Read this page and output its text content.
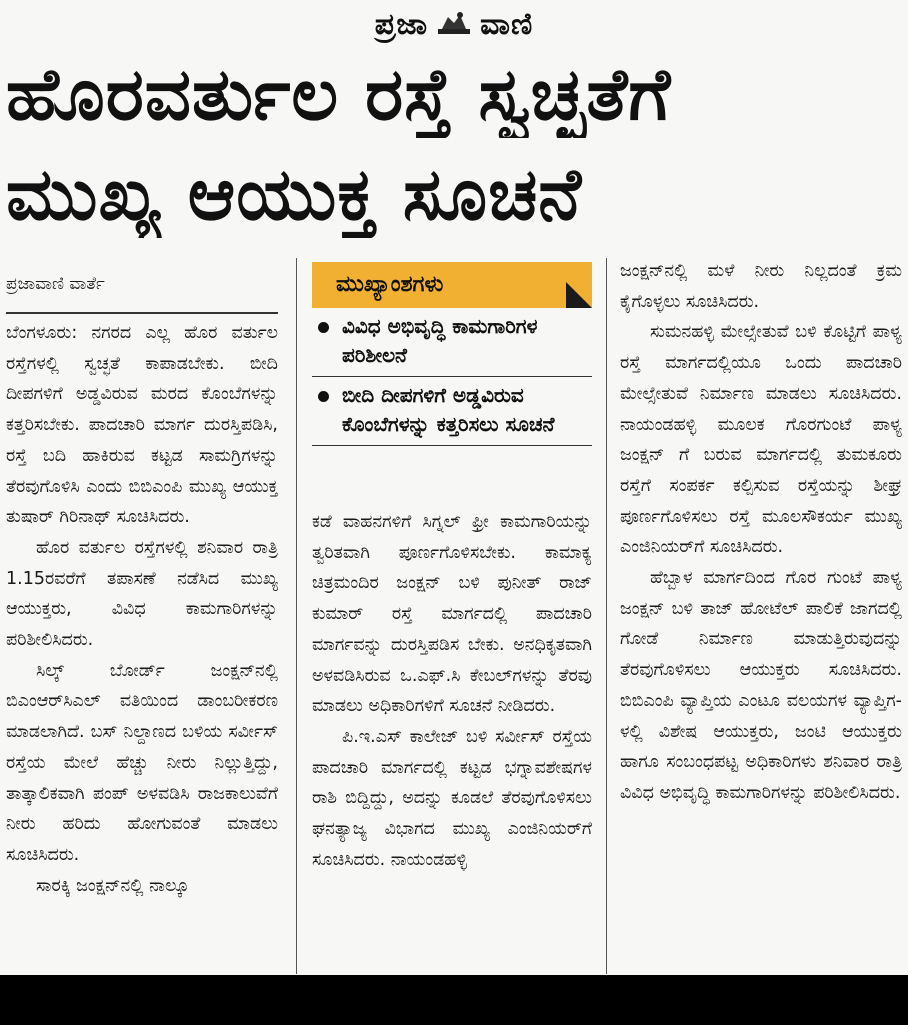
ಪ್ರಜಾ ವಾಣಿ
ಹೊರವರ್ತುಲ ರಸ್ತೆ ಸ್ವಚ್ಛತೆಗೆ
ಮುಖ್ಯ ಆಯುಕ್ತ ಸೂಚನೆ
ಪ್ರಜಾವಾಣಿ ವಾರ್ತೆ

ಬೆಂಗಳೂರು: ನಗರದ ಎಲ್ಲ ಹೊರ ವರ್ತುಲ ರಸ್ತೆಗಳಲ್ಲಿ ಸ್ವಚ್ಛತೆ ಕಾಪಾಡಬೇಕು. ಬೀದಿ ದೀಪಗಳಿಗೆ ಅಡ್ಡವಿರುವ ಮರದ ಕೊಂಬೆಗಳನ್ನು ಕತ್ತರಿಸಬೇಕು. ಪಾದಚಾರಿ ಮಾರ್ಗ ದುರಸ್ತಿಪಡಿಸಿ, ರಸ್ತೆ ಬದಿ ಹಾಕಿರುವ ಕಟ್ಟಡ ಸಾಮಗ್ರಿಗಳನ್ನು ತೆರವುಗೊಳಿಸಿ ಎಂದು ಬಿಬಿಎಂಪಿ ಮುಖ್ಯ ಆಯುಕ್ತ ತುಷಾರ್ ಗಿರಿನಾಥ್ ಸೂಚಿಸಿದರು.

ಹೊರ ವರ್ತುಲ ರಸ್ತೆಗಳಲ್ಲಿ ಶನಿವಾರ ರಾತ್ರಿ 1.15ರವರೆಗೆ ತಪಾಸಣೆ ನಡೆಸಿದ ಮುಖ್ಯ ಆಯುಕ್ತರು, ವಿವಿಧ ಕಾಮಗಾರಿಗಳನ್ನು ಪರಿಶೀಲಿಸಿದರು.

ಸಿಲ್ಕ್ ಬೋರ್ಡ್ ಜಂಕ್ಷನ್‌ನಲ್ಲಿ ಬಿಎಂಆರ್‌ಸಿಎಲ್ ವತಿಯಿಂದ ಡಾಂಬರೀಕರಣ ಮಾಡಲಾಗಿದೆ. ಬಸ್ ನಿಲ್ದಾಣದ ಬಳಿಯ ಸರ್ವೀಸ್ ರಸ್ತೆಯ ಮೇಲೆ ಹೆಚ್ಚು ನೀರು ನಿಲ್ಲುತ್ತಿದ್ದು, ತಾತ್ಕಾಲಿಕವಾಗಿ ಪಂಪ್ ಅಳವಡಿಸಿ ರಾಜಕಾಲುವೆಗೆ ನೀರು ಹರಿದು ಹೋಗುವಂತೆ ಮಾಡಲು ಸೂಚಿಸಿದರು.

ಸಾರಕ್ಕಿ ಜಂಕ್ಷನ್‌ನಲ್ಲಿ ನಾಲ್ಕೂ

ಮುಖ್ಯಾಂಶಗಳು
ವಿವಿಧ ಅಭಿವೃದ್ಧಿ ಕಾಮಗಾರಿಗಳ ಪರಿಶೀಲನೆ
ಬೀದಿ ದೀಪಗಳಿಗೆ ಅಡ್ಡವಿರುವ ಕೊಂಬೆಗಳನ್ನು ಕತ್ತರಿಸಲು ಸೂಚನೆ

ಕಡೆ ವಾಹನಗಳಿಗೆ ಸಿಗ್ನಲ್ ಫ್ರೀ ಕಾಮಗಾರಿಯನ್ನು ತ್ವರಿತವಾಗಿ ಪೂರ್ಣಗೊಳಿಸಬೇಕು. ಕಾಮಾಕ್ಯ ಚಿತ್ರಮಂದಿರ ಜಂಕ್ಷನ್ ಬಳಿ ಪುನೀತ್ ರಾಜ್ ಕುಮಾರ್ ರಸ್ತೆ ಮಾರ್ಗದಲ್ಲಿ ಪಾದಚಾರಿ ಮಾರ್ಗವನ್ನು ದುರಸ್ತಿಪಡಿಸ ಬೇಕು. ಅನಧಿಕೃತವಾಗಿ ಅಳವಡಿಸಿರುವ ಒ.ಎಫ್.ಸಿ ಕೇಬಲ್‌ಗಳನ್ನು ತೆರವು ಮಾಡಲು ಅಧಿಕಾರಿಗಳಿಗೆ ಸೂಚನೆ ನೀಡಿದರು.

ಪಿ.ಇ.ಎಸ್ ಕಾಲೇಜ್ ಬಳಿ ಸರ್ವೀಸ್ ರಸ್ತೆಯ ಪಾದಚಾರಿ ಮಾರ್ಗದಲ್ಲಿ ಕಟ್ಟಡ ಭಗ್ನಾವಶೇಷಗಳ ರಾಶಿ ಬಿದ್ದಿದ್ದು, ಅದನ್ನು ಕೂಡಲೆ ತೆರವುಗೊಳಿಸಲು ಘನತ್ಯಾಜ್ಯ ವಿಭಾಗದ ಮುಖ್ಯ ಎಂಜಿನಿಯರ್‌ಗೆ ಸೂಚಿಸಿದರು. ನಾಯಂಡಹಳ್ಳಿ

ಜಂಕ್ಷನ್‌ನಲ್ಲಿ ಮಳೆ ನೀರು ನಿಲ್ಲದಂತೆ ಕ್ರಮ ಕೈಗೊಳ್ಳಲು ಸೂಚಿಸಿದರು.

ಸುಮನಹಳ್ಳಿ ಮೇಲ್ಸೇತುವೆ ಬಳಿ ಕೊಟ್ಟಿಗೆ ಪಾಳ್ಯ ರಸ್ತೆ ಮಾರ್ಗದಲ್ಲಿಯೂ ಒಂದು ಪಾದಚಾರಿ ಮೇಲ್ಸೇತುವೆ ನಿರ್ಮಾಣ ಮಾಡಲು ಸೂಚಿಸಿದರು. ನಾಯಂಡಹಳ್ಳಿ ಮೂಲಕ ಗೊರಗುಂಟೆ ಪಾಳ್ಯ ಜಂಕ್ಷನ್ ಗೆ ಬರುವ ಮಾರ್ಗದಲ್ಲಿ ತುಮಕೂರು ರಸ್ತೆಗೆ ಸಂಪರ್ಕ ಕಲ್ಪಿಸುವ ರಸ್ತೆಯನ್ನು ಶೀಘ್ರ ಪೂರ್ಣಗೊಳಿಸಲು ರಸ್ತೆ ಮೂಲಸೌಕರ್ಯ ಮುಖ್ಯ ಎಂಜಿನಿಯರ್‌ಗೆ ಸೂಚಿಸಿದರು.

ಹೆಬ್ಬಾಳ ಮಾರ್ಗದಿಂದ ಗೊರ ಗುಂಟೆ ಪಾಳ್ಯ ಜಂಕ್ಷನ್ ಬಳಿ ತಾಜ್ ಹೋಟೆಲ್ ಪಾಲಿಕೆ ಜಾಗದಲ್ಲಿ ಗೋಡೆ ನಿರ್ಮಾಣ ಮಾಡುತ್ತಿರುವುದನ್ನು ತೆರವುಗೊಳಿಸಲು ಆಯುಕ್ತರು ಸೂಚಿಸಿದರು. ಬಿಬಿಎಂಪಿ ವ್ಯಾಪ್ತಿಯ ಎಂಟೂ ವಲಯಗಳ ವ್ಯಾಪ್ತಿಗ- ಳಲ್ಲಿ ವಿಶೇಷ ಆಯುಕ್ತರು, ಜಂಟಿ ಆಯುಕ್ತರು ಹಾಗೂ ಸಂಬಂಧಪಟ್ಟ ಅಧಿಕಾರಿಗಳು ಶನಿವಾರ ರಾತ್ರಿ ವಿವಿಧ ಅಭಿವೃದ್ಧಿ ಕಾಮಗಾರಿಗಳನ್ನು ಪರಿಶೀಲಿಸಿದರು.
